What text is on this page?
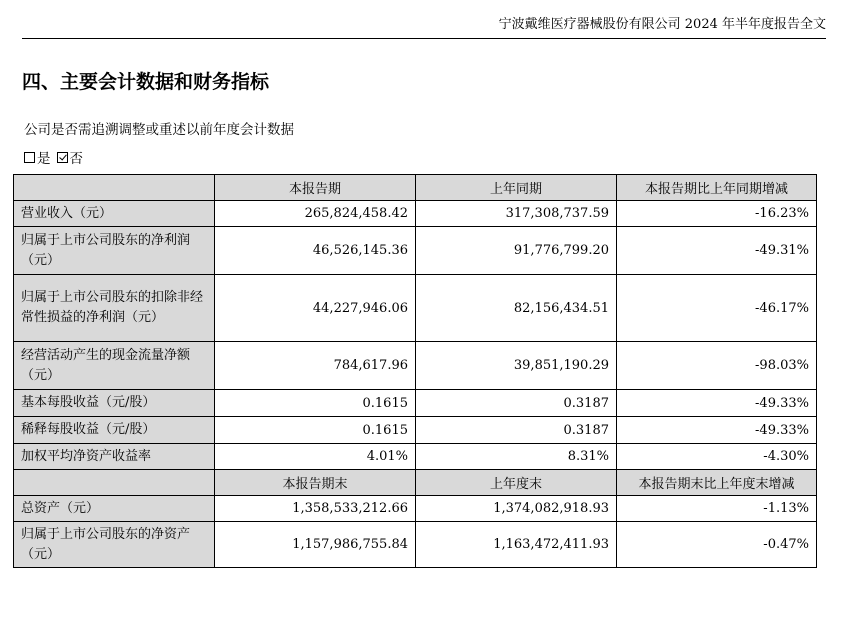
宁波戴维医疗器械股份有限公司 2024 年半年度报告全文
四、主要会计数据和财务指标
公司是否需追溯调整或重述以前年度会计数据
是 否
	本报告期	上年同期	本报告期比上年同期增减
营业收入（元）	265,824,458.42	317,308,737.59	-16.23%
归属于上市公司股东的净利润（元）	46,526,145.36	91,776,799.20	-49.31%
归属于上市公司股东的扣除非经常性损益的净利润（元）	44,227,946.06	82,156,434.51	-46.17%
经营活动产生的现金流量净额（元）	784,617.96	39,851,190.29	-98.03%
基本每股收益（元/股）	0.1615	0.3187	-49.33%
稀释每股收益（元/股）	0.1615	0.3187	-49.33%
加权平均净资产收益率	4.01%	8.31%	-4.30%
	本报告期末	上年度末	本报告期末比上年度末增减
总资产（元）	1,358,533,212.66	1,374,082,918.93	-1.13%
归属于上市公司股东的净资产（元）	1,157,986,755.84	1,163,472,411.93	-0.47%
